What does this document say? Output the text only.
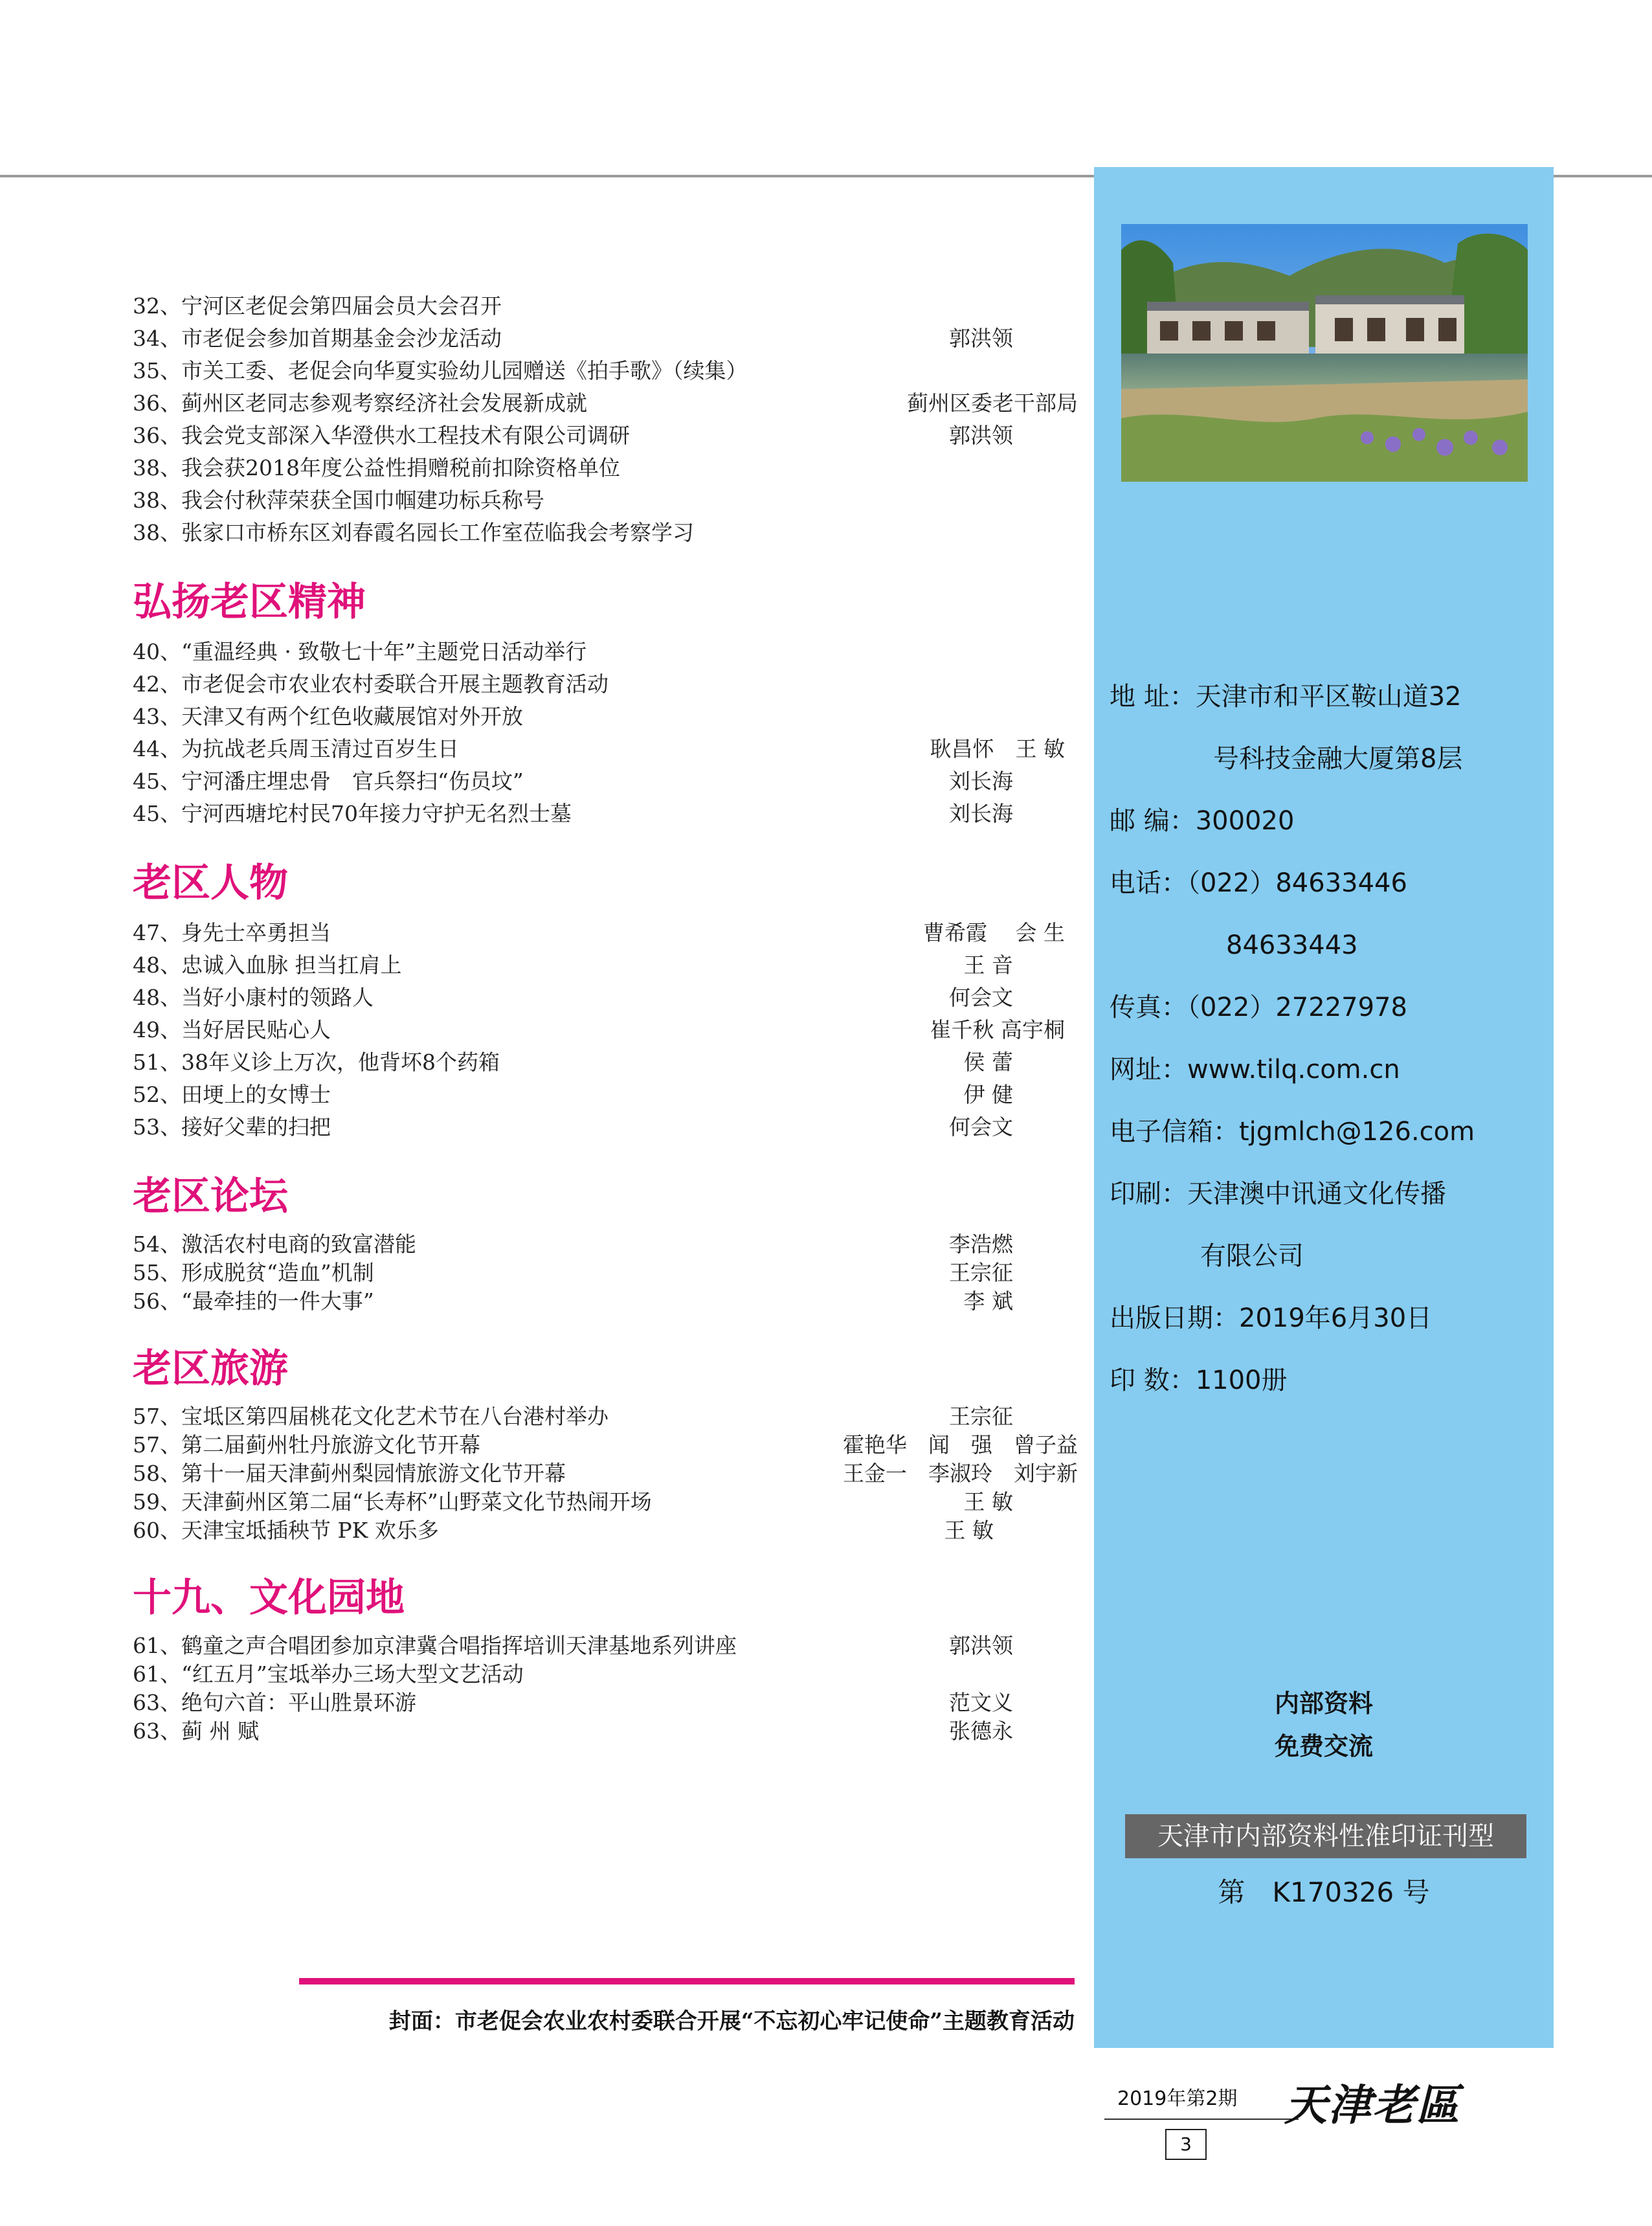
32、宁河区老促会第四届会员大会召开
34、市老促会参加首期基金会沙龙活动	郭洪领
35、市关工委、老促会向华夏实验幼儿园赠送《拍手歌》（续集）
36、蓟州区老同志参观考察经济社会发展新成就	蓟州区委老干部局
36、我会党支部深入华澄供水工程技术有限公司调研	郭洪领
38、我会获2018年度公益性捐赠税前扣除资格单位
38、我会付秋萍荣获全国巾帼建功标兵称号
38、张家口市桥东区刘春霞名园长工作室莅临我会考察学习
弘扬老区精神
40、“重温经典 · 致敬七十年”主题党日活动举行
42、市老促会市农业农村委联合开展主题教育活动
43、天津又有两个红色收藏展馆对外开放
44、为抗战老兵周玉清过百岁生日	耿昌怀　王 敏
45、宁河潘庄埋忠骨　官兵祭扫“伤员坟”	刘长海
45、宁河西塘坨村民70年接力守护无名烈士墓	刘长海
老区人物
47、身先士卒勇担当	曹希霞　 会 生
48、忠诚入血脉 担当扛肩上	王 音
48、当好小康村的领路人	何会文
49、当好居民贴心人	崔千秋 高宇桐
51、38年义诊上万次，他背坏8个药箱	侯 蕾
52、田埂上的女博士	伊 健
53、接好父辈的扫把	何会文
老区论坛
54、激活农村电商的致富潜能	李浩燃
55、形成脱贫“造血”机制	王宗征
56、“最牵挂的一件大事”	李 斌
老区旅游
57、宝坻区第四届桃花文化艺术节在八台港村举办	王宗征
57、第二届蓟州牡丹旅游文化节开幕	霍艳华　闻　强　曾子益
58、第十一届天津蓟州梨园情旅游文化节开幕	王金一　李淑玲　刘宇新
59、天津蓟州区第二届“长寿杯”山野菜文化节热闹开场	王 敏
60、天津宝坻插秧节 PK 欢乐多	王 敏
十九、文化园地
61、鹤童之声合唱团参加京津冀合唱指挥培训天津基地系列讲座	郭洪领
61、“红五月”宝坻举办三场大型文艺活动
63、绝句六首：平山胜景环游	范文义
63、蓟 州 赋	张德永
地 址：天津市和平区鞍山道32
号科技金融大厦第8层
邮 编：300020
电话：（022）84633446
84633443
传真：（022）27227978
网址：www.tilq.com.cn
电子信箱：tjgmlch@126.com
印刷：天津澳中讯通文化传播
有限公司
出版日期：2019年6月30日
印 数：1100册
内部资料
免费交流
天津市内部资料性准印证刊型
第　K170326 号
封面：市老促会农业农村委联合开展“不忘初心牢记使命”主题教育活动
2019年第2期 天津老區
3
